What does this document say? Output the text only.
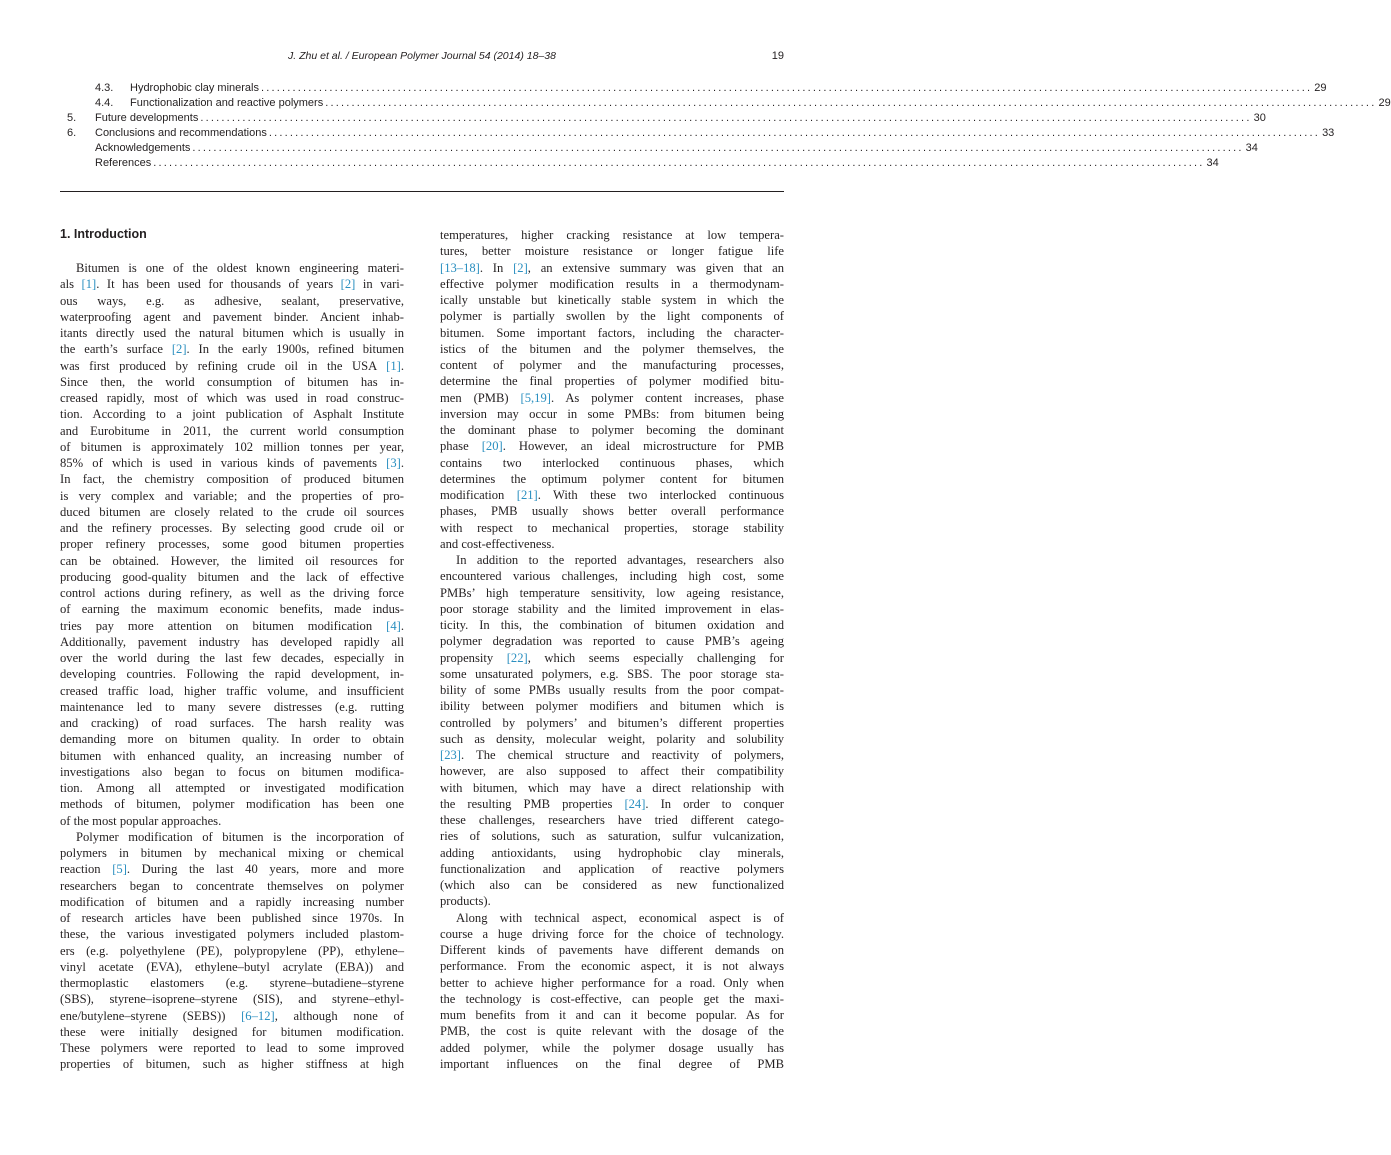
J. Zhu et al. / European Polymer Journal 54 (2014) 18–38	19
4.3.	Hydrophobic clay minerals ........................................................................................................................................................................................................ 29
4.4.	Functionalization and reactive polymers ........................................................................................................................................................................................................ 29
5.	Future developments ........................................................................................................................................................................................................ 30
6.	Conclusions and recommendations ........................................................................................................................................................................................................ 33
Acknowledgements ........................................................................................................................................................................................................ 34
References ........................................................................................................................................................................................................ 34
1. Introduction
Bitumen is one of the oldest known engineering materi-
als [1]. It has been used for thousands of years [2] in vari-
ous ways, e.g. as adhesive, sealant, preservative,
waterproofing agent and pavement binder. Ancient inhab-
itants directly used the natural bitumen which is usually in
the earth’s surface [2]. In the early 1900s, refined bitumen
was first produced by refining crude oil in the USA [1].
Since then, the world consumption of bitumen has in-
creased rapidly, most of which was used in road construc-
tion. According to a joint publication of Asphalt Institute
and Eurobitume in 2011, the current world consumption
of bitumen is approximately 102 million tonnes per year,
85% of which is used in various kinds of pavements [3].
In fact, the chemistry composition of produced bitumen
is very complex and variable; and the properties of pro-
duced bitumen are closely related to the crude oil sources
and the refinery processes. By selecting good crude oil or
proper refinery processes, some good bitumen properties
can be obtained. However, the limited oil resources for
producing good-quality bitumen and the lack of effective
control actions during refinery, as well as the driving force
of earning the maximum economic benefits, made indus-
tries pay more attention on bitumen modification [4].
Additionally, pavement industry has developed rapidly all
over the world during the last few decades, especially in
developing countries. Following the rapid development, in-
creased traffic load, higher traffic volume, and insufficient
maintenance led to many severe distresses (e.g. rutting
and cracking) of road surfaces. The harsh reality was
demanding more on bitumen quality. In order to obtain
bitumen with enhanced quality, an increasing number of
investigations also began to focus on bitumen modifica-
tion. Among all attempted or investigated modification
methods of bitumen, polymer modification has been one
of the most popular approaches.
Polymer modification of bitumen is the incorporation of
polymers in bitumen by mechanical mixing or chemical
reaction [5]. During the last 40 years, more and more
researchers began to concentrate themselves on polymer
modification of bitumen and a rapidly increasing number
of research articles have been published since 1970s. In
these, the various investigated polymers included plastom-
ers (e.g. polyethylene (PE), polypropylene (PP), ethylene–
vinyl acetate (EVA), ethylene–butyl acrylate (EBA)) and
thermoplastic elastomers (e.g. styrene–butadiene–styrene
(SBS), styrene–isoprene–styrene (SIS), and styrene–ethyl-
ene/butylene–styrene (SEBS)) [6–12], although none of
these were initially designed for bitumen modification.
These polymers were reported to lead to some improved
properties of bitumen, such as higher stiffness at high
temperatures, higher cracking resistance at low tempera-
tures, better moisture resistance or longer fatigue life
[13–18]. In [2], an extensive summary was given that an
effective polymer modification results in a thermodynam-
ically unstable but kinetically stable system in which the
polymer is partially swollen by the light components of
bitumen. Some important factors, including the character-
istics of the bitumen and the polymer themselves, the
content of polymer and the manufacturing processes,
determine the final properties of polymer modified bitu-
men (PMB) [5,19]. As polymer content increases, phase
inversion may occur in some PMBs: from bitumen being
the dominant phase to polymer becoming the dominant
phase [20]. However, an ideal microstructure for PMB
contains two interlocked continuous phases, which
determines the optimum polymer content for bitumen
modification [21]. With these two interlocked continuous
phases, PMB usually shows better overall performance
with respect to mechanical properties, storage stability
and cost-effectiveness.
In addition to the reported advantages, researchers also
encountered various challenges, including high cost, some
PMBs’ high temperature sensitivity, low ageing resistance,
poor storage stability and the limited improvement in elas-
ticity. In this, the combination of bitumen oxidation and
polymer degradation was reported to cause PMB’s ageing
propensity [22], which seems especially challenging for
some unsaturated polymers, e.g. SBS. The poor storage sta-
bility of some PMBs usually results from the poor compat-
ibility between polymer modifiers and bitumen which is
controlled by polymers’ and bitumen’s different properties
such as density, molecular weight, polarity and solubility
[23]. The chemical structure and reactivity of polymers,
however, are also supposed to affect their compatibility
with bitumen, which may have a direct relationship with
the resulting PMB properties [24]. In order to conquer
these challenges, researchers have tried different catego-
ries of solutions, such as saturation, sulfur vulcanization,
adding antioxidants, using hydrophobic clay minerals,
functionalization and application of reactive polymers
(which also can be considered as new functionalized
products).
Along with technical aspect, economical aspect is of
course a huge driving force for the choice of technology.
Different kinds of pavements have different demands on
performance. From the economic aspect, it is not always
better to achieve higher performance for a road. Only when
the technology is cost-effective, can people get the maxi-
mum benefits from it and can it become popular. As for
PMB, the cost is quite relevant with the dosage of the
added polymer, while the polymer dosage usually has
important influences on the final degree of PMB
